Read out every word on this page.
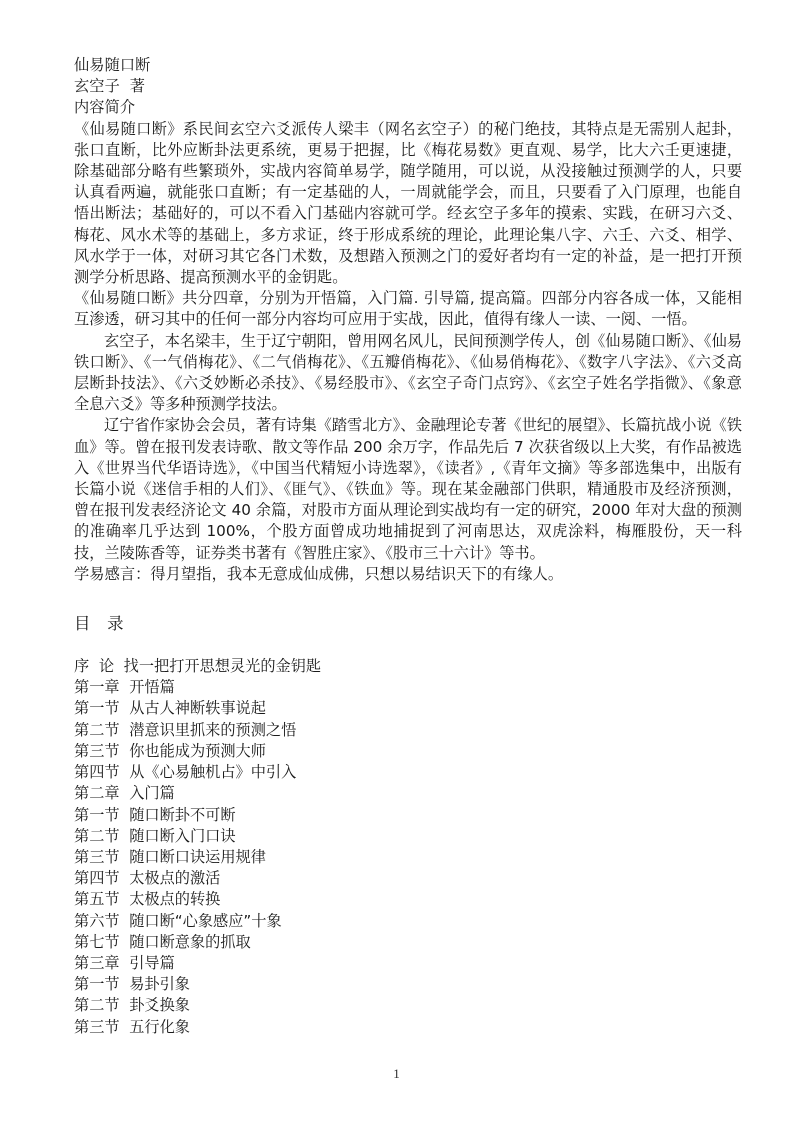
仙易随口断
玄空子  著
内容简介

《仙易随口断》系民间玄空六爻派传人梁丰（网名玄空子）的秘门绝技，其特点是无需别人起卦，张口直断，比外应断卦法更系统，更易于把握，比《梅花易数》更直观、易学，比大六壬更速捷，除基础部分略有些繁琐外，实战内容简单易学，随学随用，可以说，从没接触过预测学的人，只要认真看两遍，就能张口直断；有一定基础的人，一周就能学会，而且，只要看了入门原理，也能自悟出断法；基础好的，可以不看入门基础内容就可学。经玄空子多年的摸索、实践，在研习六爻、梅花、风水术等的基础上，多方求证，终于形成系统的理论，此理论集八字、六壬、六爻、相学、风水学于一体，对研习其它各门术数，及想踏入预测之门的爱好者均有一定的补益，是一把打开预测学分析思路、提高预测水平的金钥匙。

《仙易随口断》共分四章，分别为开悟篇，入门篇. 引导篇, 提高篇。四部分内容各成一体，又能相互渗透，研习其中的任何一部分内容均可应用于实战，因此，值得有缘人一读、一阅、一悟。

玄空子，本名梁丰，生于辽宁朝阳，曾用网名风儿，民间预测学传人，创《仙易随口断》、《仙易铁口断》、《一气俏梅花》、《二气俏梅花》、《五瓣俏梅花》、《仙易俏梅花》、《数字八字法》、《六爻高层断卦技法》、《六爻妙断必杀技》、《易经股市》、《玄空子奇门点窍》、《玄空子姓名学指微》、《象意全息六爻》等多种预测学技法。

辽宁省作家协会会员，著有诗集《踏雪北方》、金融理论专著《世纪的展望》、长篇抗战小说《铁血》等。曾在报刊发表诗歌、散文等作品 200 余万字，作品先后 7 次获省级以上大奖，有作品被选入《世界当代华语诗选》，《中国当代精短小诗选翠》，《读者》,《青年文摘》等多部选集中，出版有长篇小说《迷信手相的人们》、《匪气》、《铁血》等。现在某金融部门供职，精通股市及经济预测，曾在报刊发表经济论文 40 余篇，对股市方面从理论到实战均有一定的研究，2000 年对大盘的预测的准确率几乎达到 100%，个股方面曾成功地捕捉到了河南思达，双虎涂料，梅雁股份，天一科技，兰陵陈香等，证券类书著有《智胜庄家》、《股市三十六计》等书。

学易感言：得月望指，我本无意成仙成佛，只想以易结识天下的有缘人。
目　录
序  论  找一把打开思想灵光的金钥匙
第一章  开悟篇
第一节  从古人神断轶事说起
第二节  潜意识里抓来的预测之悟
第三节  你也能成为预测大师
第四节  从《心易触机占》中引入
第二章  入门篇
第一节  随口断卦不可断
第二节  随口断入门口诀
第三节  随口断口诀运用规律
第四节  太极点的激活
第五节  太极点的转换
第六节  随口断“心象感应”十象
第七节  随口断意象的抓取
第三章  引导篇
第一节  易卦引象
第二节  卦爻换象
第三节  五行化象
1
